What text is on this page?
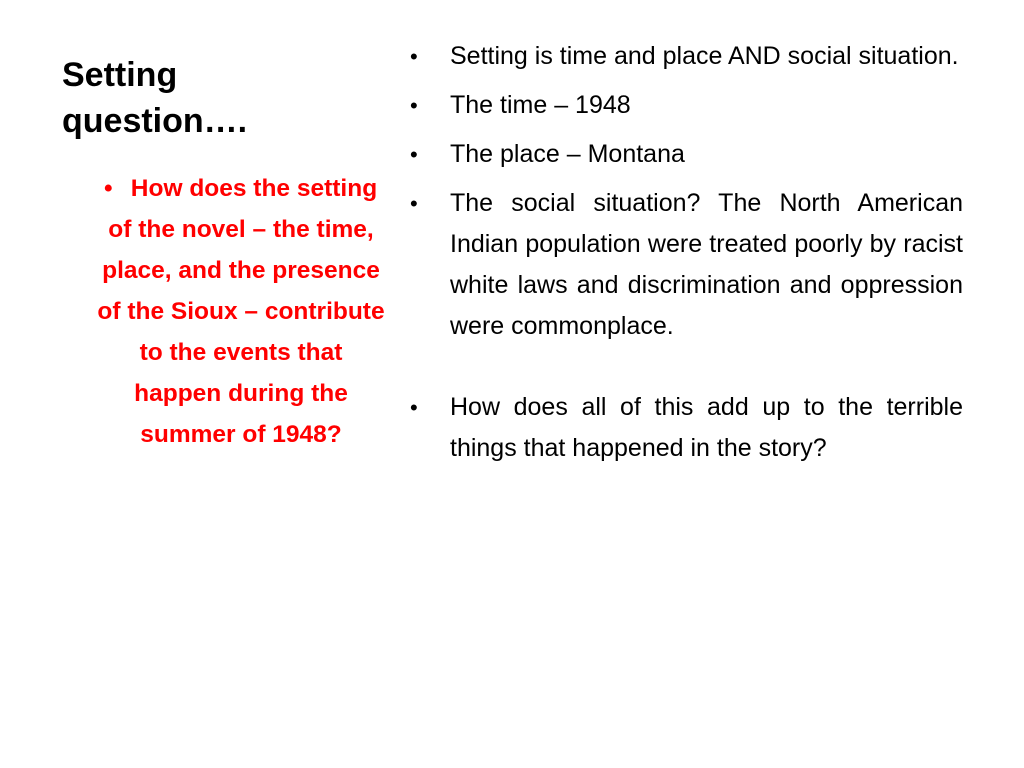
Setting question….
• How does the setting of the novel – the time, place, and the presence of the Sioux – contribute to the events that happen during the summer of 1948?
• Setting is time and place AND social situation.
• The time – 1948
• The place – Montana
• The social situation? The North American Indian population were treated poorly by racist white laws and discrimination and oppression were commonplace.
• How does all of this add up to the terrible things that happened in the story?
